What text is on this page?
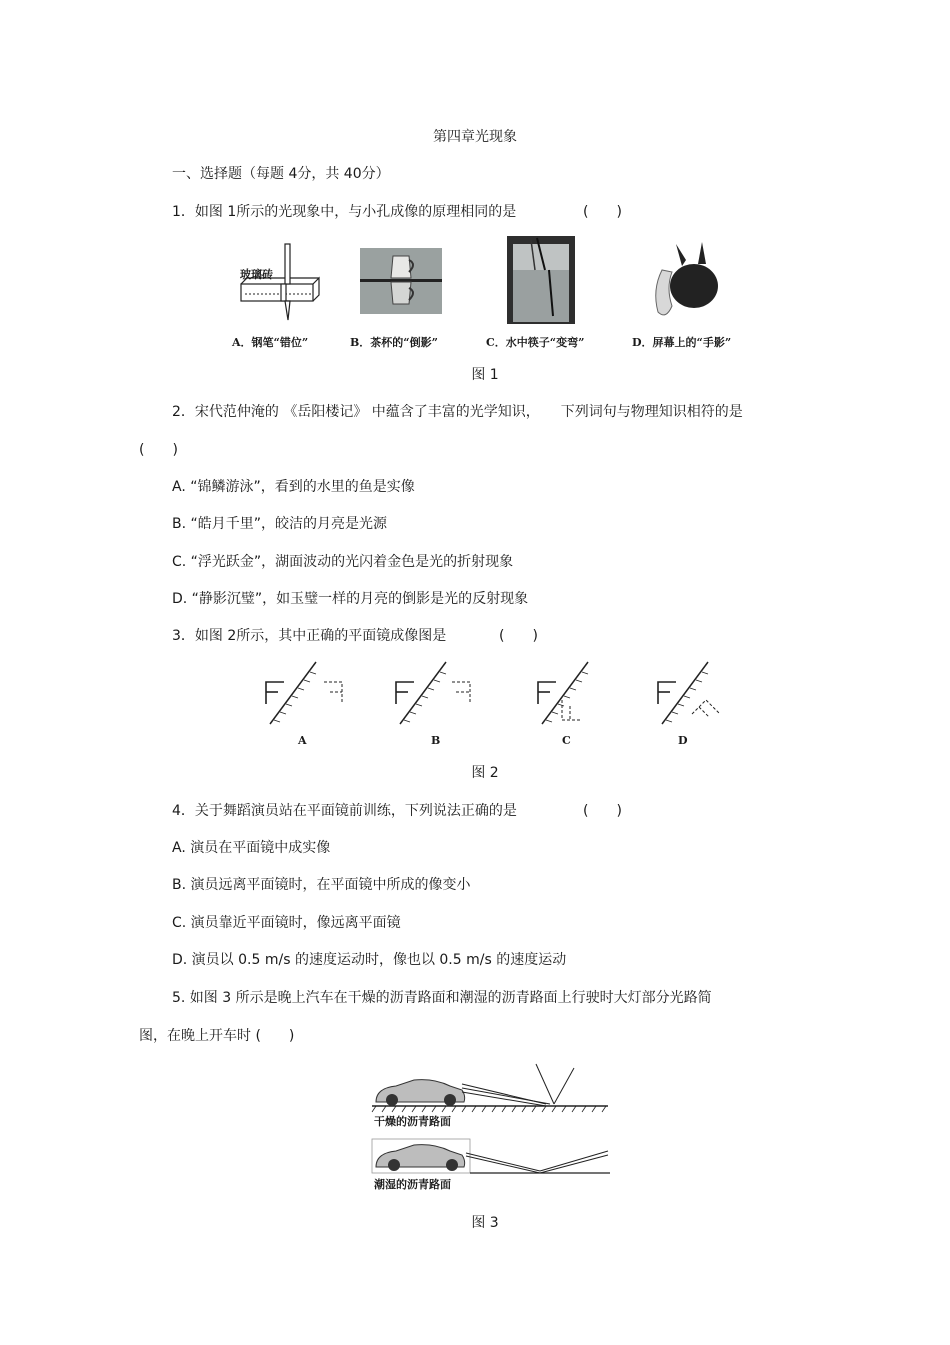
第四章光现象
一、选择题（每题 4分，共 40分）
1．如图 1所示的光现象中，与小孔成像的原理相同的是	(　　)
玻璃砖
A．钢笔“错位”	B．茶杯的“倒影”	C．水中筷子“变弯”	D．屏幕上的“手影”
图 1
2．宋代范仲淹的 《岳阳楼记》 中蕴含了丰富的光学知识，　　下列词句与物理知识相符的是
(　　)
A. “锦鳞游泳”，看到的水里的鱼是实像
B. “皓月千里”，皎洁的月亮是光源
C. “浮光跃金”，湖面波动的光闪着金色是光的折射现象
D. “静影沉璧”，如玉璧一样的月亮的倒影是光的反射现象
3．如图 2所示，其中正确的平面镜成像图是	(　　)
A	B	C	D
图 2
4．关于舞蹈演员站在平面镜前训练，下列说法正确的是	(　　)
A. 演员在平面镜中成实像
B. 演员远离平面镜时，在平面镜中所成的像变小
C. 演员靠近平面镜时，像远离平面镜
D. 演员以 0.5 m/s 的速度运动时，像也以 0.5 m/s 的速度运动
5. 如图 3 所示是晚上汽车在干燥的沥青路面和潮湿的沥青路面上行驶时大灯部分光路简
图，在晚上开车时 (　　)
干燥的沥青路面
潮湿的沥青路面
图 3
